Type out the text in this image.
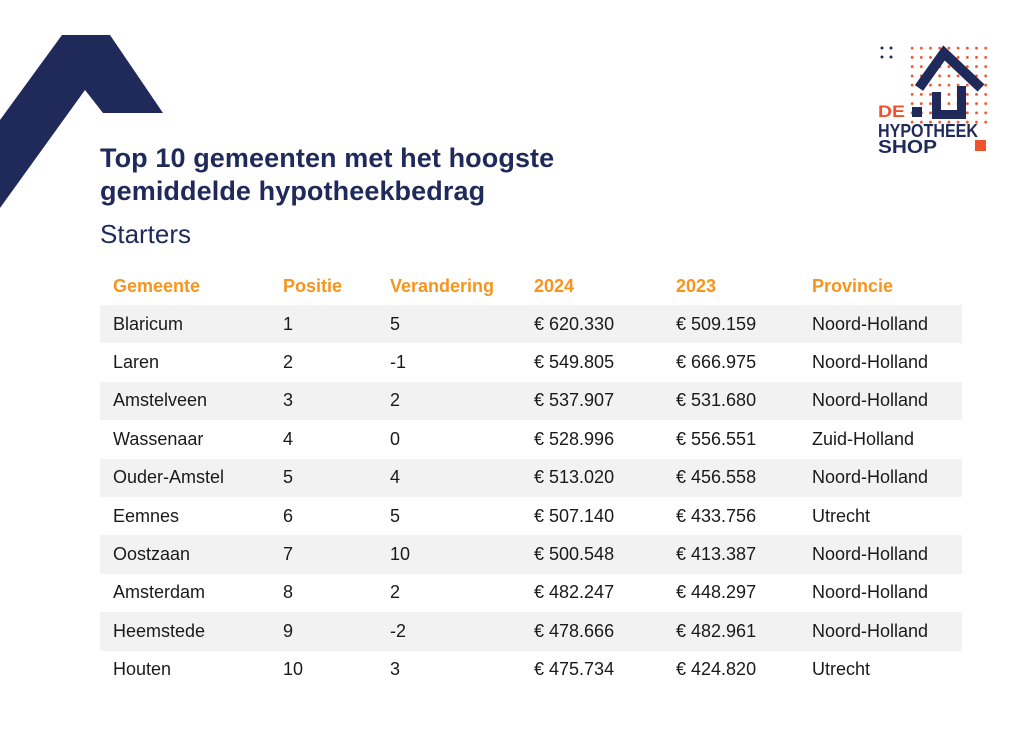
DE
HYPOTHEEK
SHOP
Top 10 gemeenten met het hoogste
gemiddelde hypotheekbedrag
Starters
Gemeente	Positie	Verandering	2024	2023	Provincie
Blaricum	1	5	€ 620.330	€ 509.159	Noord-Holland
Laren	2	-1	€ 549.805	€ 666.975	Noord-Holland
Amstelveen	3	2	€ 537.907	€ 531.680	Noord-Holland
Wassenaar	4	0	€ 528.996	€ 556.551	Zuid-Holland
Ouder-Amstel	5	4	€ 513.020	€ 456.558	Noord-Holland
Eemnes	6	5	€ 507.140	€ 433.756	Utrecht
Oostzaan	7	10	€ 500.548	€ 413.387	Noord-Holland
Amsterdam	8	2	€ 482.247	€ 448.297	Noord-Holland
Heemstede	9	-2	€ 478.666	€ 482.961	Noord-Holland
Houten	10	3	€ 475.734	€ 424.820	Utrecht
